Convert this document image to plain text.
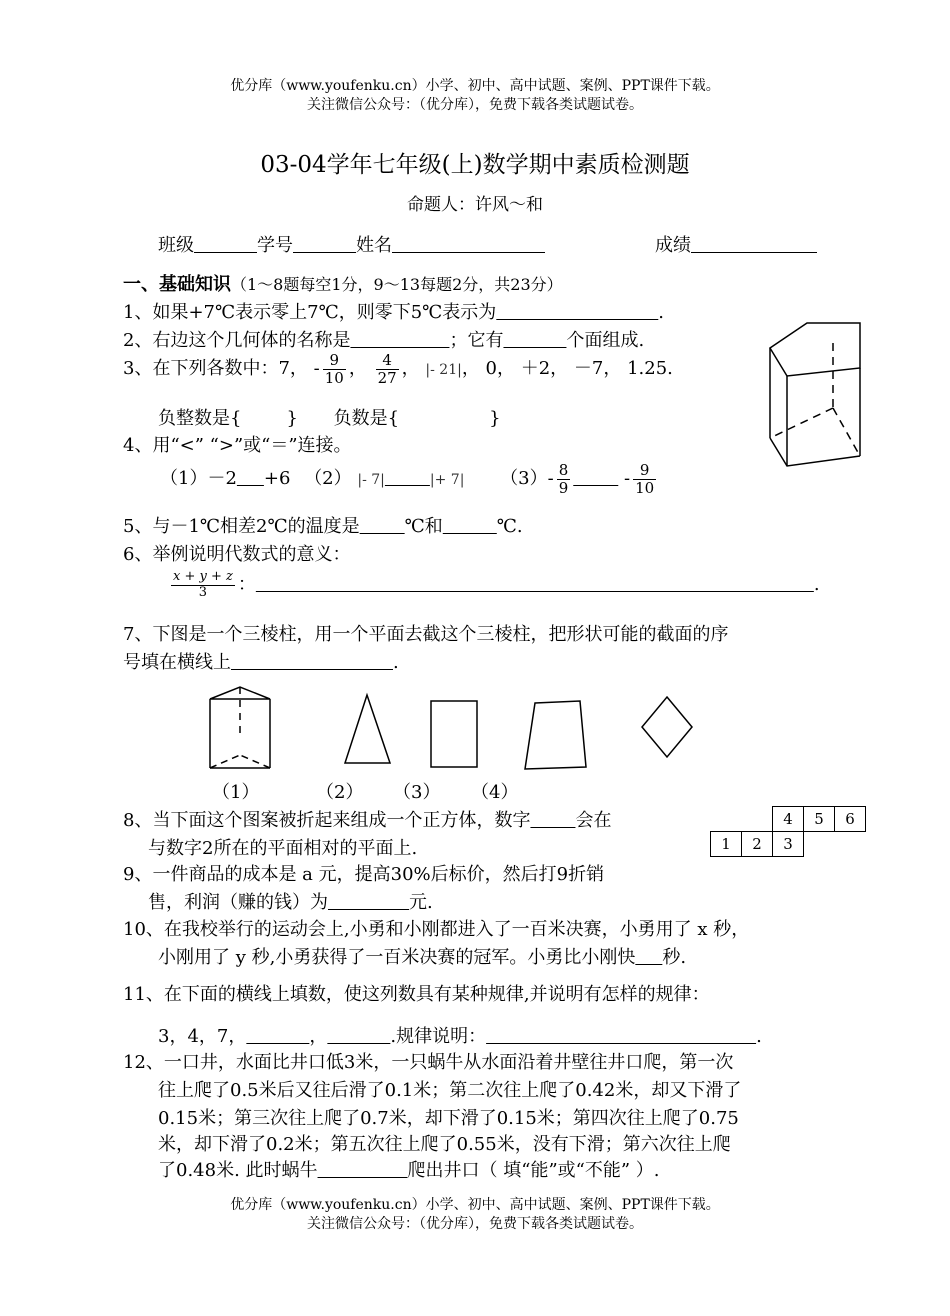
优分库（www.youfenku.cn）小学、初中、高中试题、案例、PPT课件下载。
关注微信公众号：（优分库），免费下载各类试题试卷。
03-04学年七年级(上)数学期中素质检测题
命题人：许风～和
班级    	学号    	姓名         	成绩       
一、基础知识（1～8题每空1分，9～13每题2分，共23分）
1、如果+7℃表示零上7℃，则零下5℃表示为         	.
2、右边这个几何体的名称是      	；它有    	个面组成.
3、在下列各数中：7， - $\frac{9}{10}$ ， $\frac{4}{27}$ ， |- 21|， 0， ＋2， －7， 1.25.
负整数是{   	} 负数是{     	}
4、用“<” “>”或“＝”连接。
（1）－2   +6 （2） |- 7|   	|+ 7| $(3)- \frac{8}{9}$
   	- $\frac{9}{10}$
5、与－1℃相差2℃的温度是   	℃和   	℃.
6、举例说明代数式的意义：
$\frac{x + y + z}{3}$ ：                               	.
7、下图是一个三棱柱，用一个平面去截这个三棱柱，把形状可能的截面的序
号填在横线上         	.
（1）	（2） （3） （4）
8、当下面这个图案被折起来组成一个正方体，数字   	会在
与数字2所在的平面相对的平面上.
		4	5	6
1	2	3		
9、一件商品的成本是 a 元，提高30%后标价，然后打9折销
售，利润（赚的钱）为     	元.
10、在我校举行的运动会上,小勇和小刚都进入了一百米决赛，小勇用了 x 秒，
小刚用了 y 秒,小勇获得了一百米决赛的冠军。小勇比小刚快   秒.
11、在下面的横线上填数，使这列数具有某种规律,并说明有怎样的规律：
3，4，7，    	，    	.规律说明：               	.
12、一口井，水面比井口低3米，一只蜗牛从水面沿着井壁往井口爬，第一次
往上爬了0.5米后又往后滑了0.1米；第二次往上爬了0.42米，却又下滑了
0.15米；第三次往上爬了0.7米，却下滑了0.15米；第四次往上爬了0.75
米，却下滑了0.2米；第五次往上爬了0.55米，没有下滑；第六次往上爬
了0.48米. 此时蜗牛     	爬出井口（ 填“能”或“不能” ）.
优分库（www.youfenku.cn）小学、初中、高中试题、案例、PPT课件下载。
关注微信公众号：（优分库），免费下载各类试题试卷。
